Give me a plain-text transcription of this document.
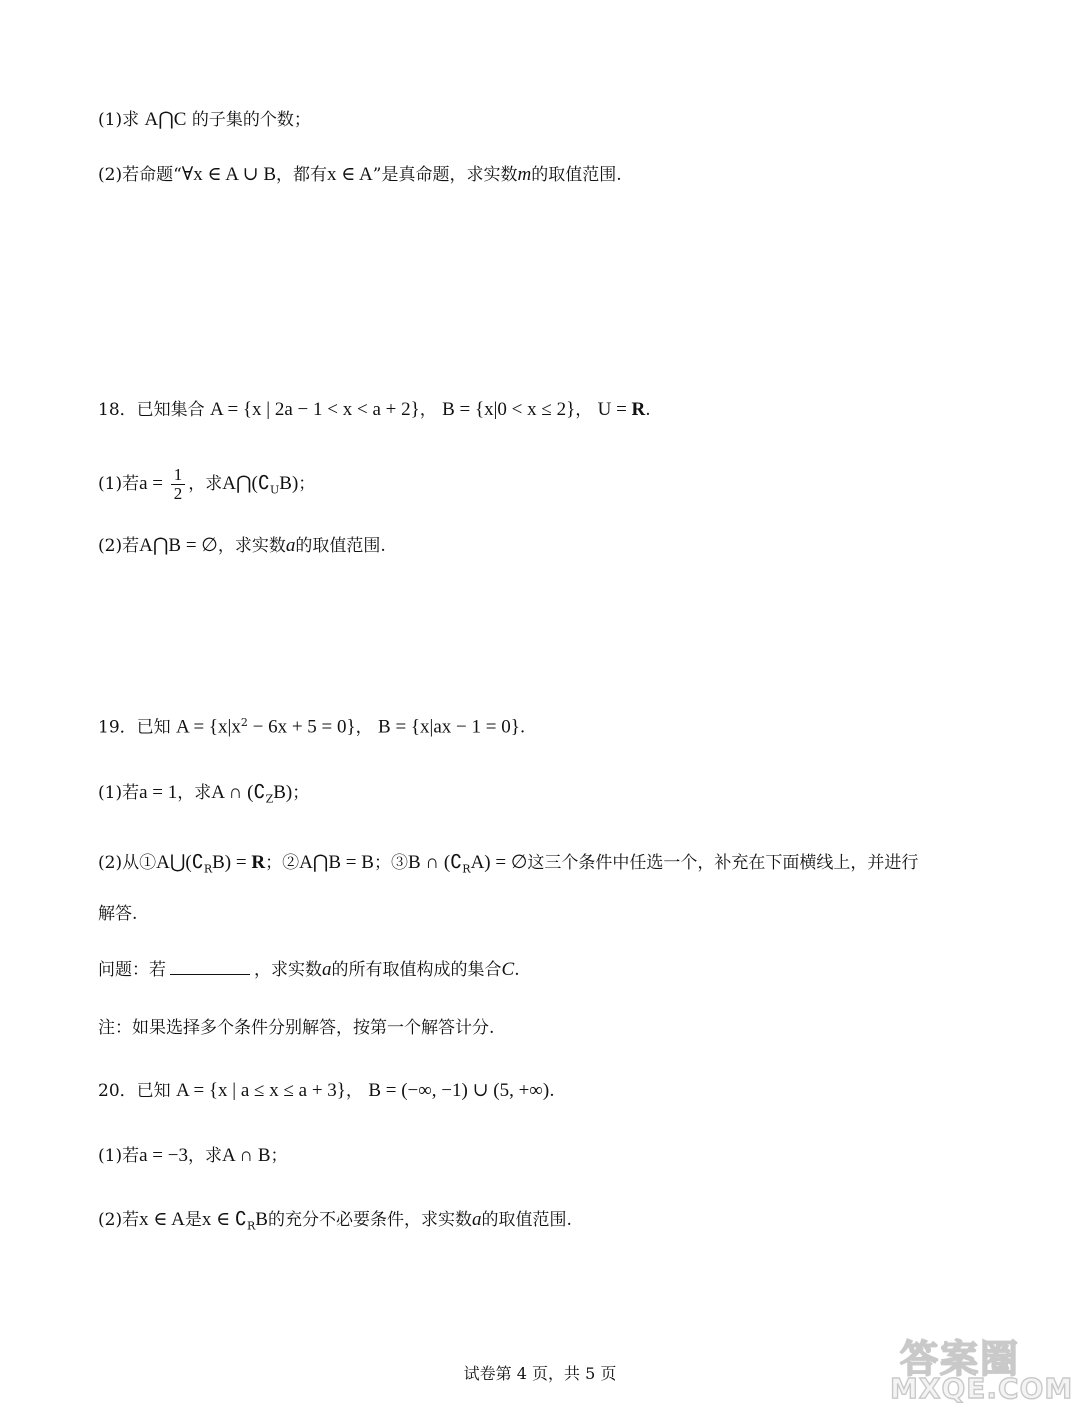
(1)求 A⋂C 的子集的个数；
(2)若命题“∀x ∈ A ∪ B，都有x ∈ A”是真命题，求实数m的取值范围.
18．已知集合 A = {x | 2a − 1 < x < a + 2}， B = {x|0 < x ≤ 2}， U = R.
(1)若$a = \frac{1}{2}$ ，求$A⋂(∁_UB)$；
(2)若A⋂B = ∅，求实数a的取值范围.
19．已知 $A = \{x|x^2 - 6x + 5 = 0\}$， B = {x|ax − 1 = 0}.
(1)若a = 1，求A ∩ $(∁_ZB)$；
(2)从$①A⋃(∁_RB) = R$；②A⋂B = B；③B ∩ $(∁_RA)$ = ∅这三个条件中任选一个，补充在下面横线上，并进行
解答.
问题：若	，求实数a的所有取值构成的集合C.
注：如果选择多个条件分别解答，按第一个解答计分.
20．已知 A = {x | a ≤ x ≤ a + 3}， B = (−∞, −1) ∪ (5, +∞).
(1)若a = −3，求A ∩ B；
(2)若x ∈ A是x ∈ $∁_RB$的充分不必要条件，求实数a的取值范围.
试卷第 4 页，共 5 页	答案圈
MXQE.COM
